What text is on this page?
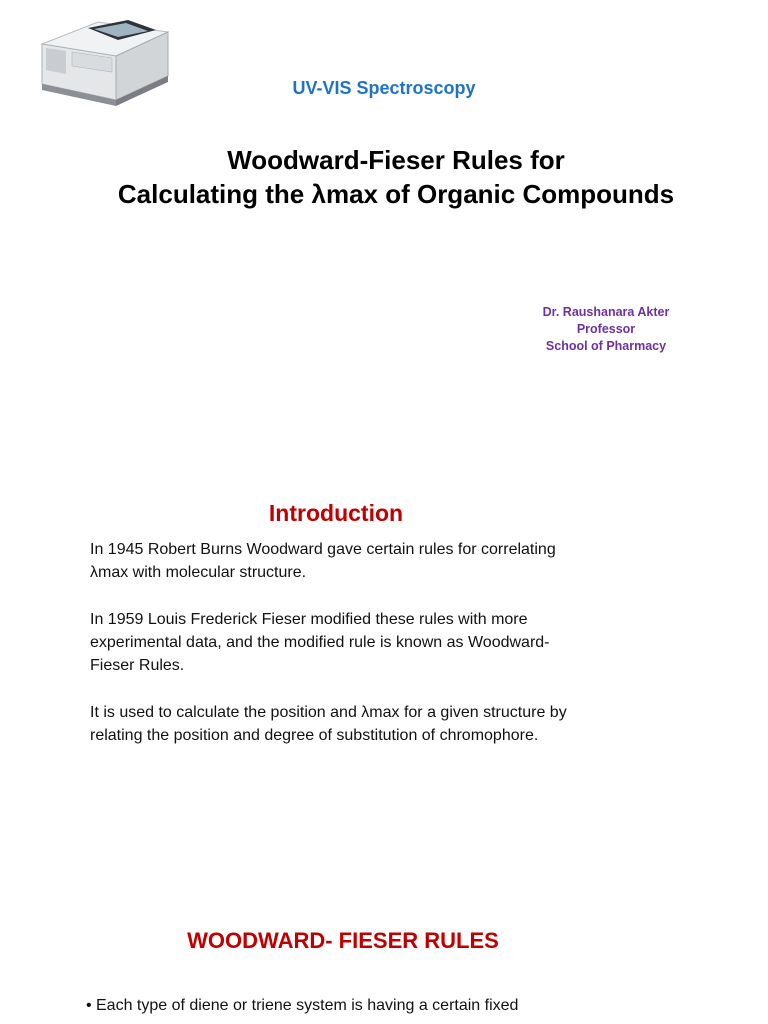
UV-VIS Spectroscopy
Woodward-Fieser Rules for
Calculating the λmax of Organic Compounds
Dr. Raushanara Akter
Professor
School of Pharmacy
Introduction

In 1945 Robert Burns Woodward gave certain rules for correlating λmax with molecular structure.

In 1959 Louis Frederick Fieser modified these rules with more experimental data, and the modified rule is known as Woodward-Fieser Rules.

It is used to calculate the position and λmax for a given structure by relating the position and degree of substitution of chromophore.

WOODWARD- FIESER RULES
• Each type of diene or triene system is having a certain fixed
